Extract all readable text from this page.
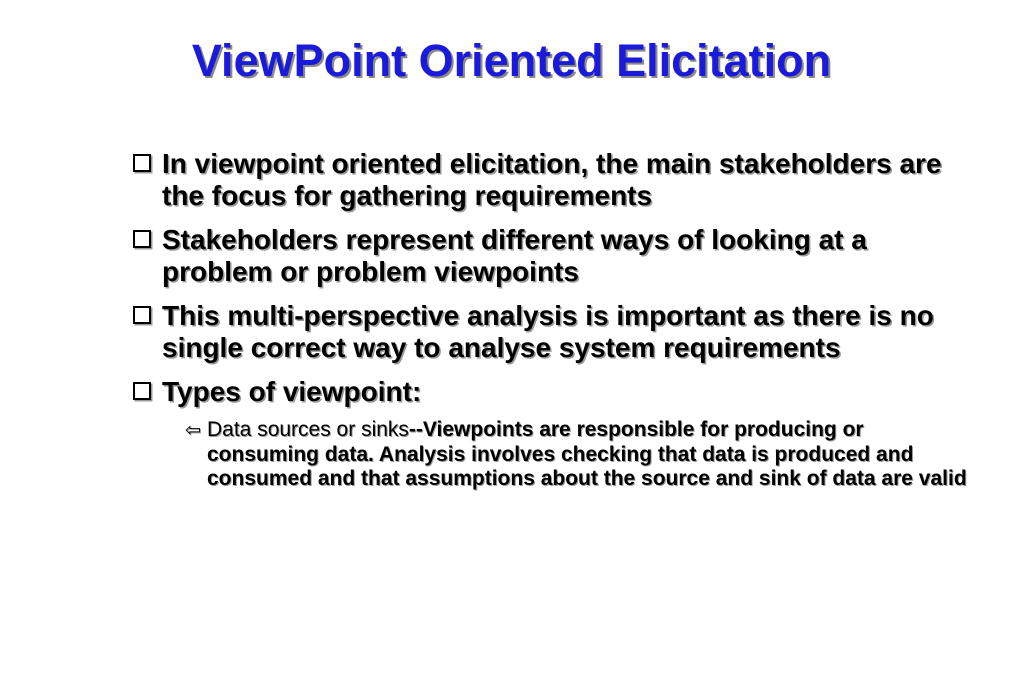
ViewPoint Oriented Elicitation
In viewpoint oriented elicitation, the main stakeholders are the focus for gathering requirements
Stakeholders represent different ways of looking at a problem or problem viewpoints
This multi-perspective analysis is important as there is no single correct way to analyse system requirements
Types of viewpoint:
⇦ Data sources or sinks--Viewpoints are responsible for producing or consuming data. Analysis involves checking that data is produced and consumed and that assumptions about the source and sink of data are valid
